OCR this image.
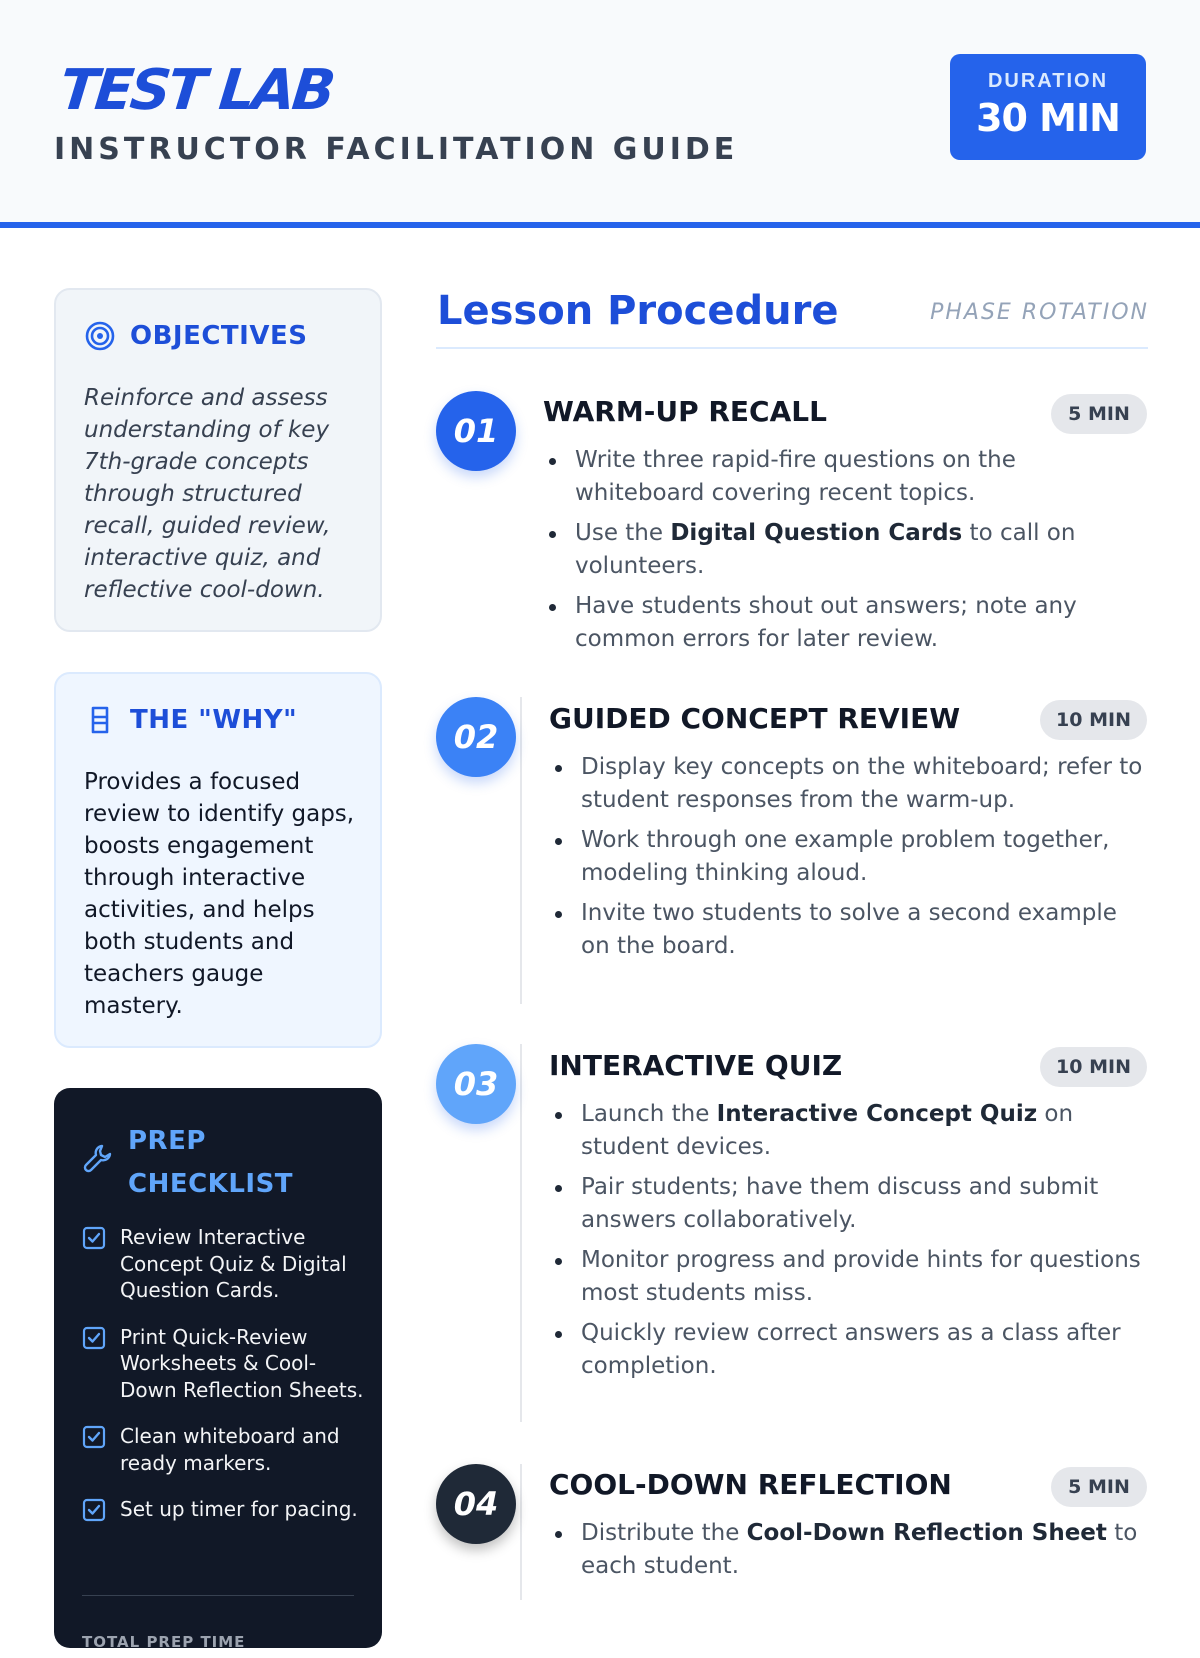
TEST LAB
INSTRUCTOR FACILITATION GUIDE
DURATION
30 MIN
OBJECTIVES

Reinforce and assess understanding of key 7th-grade concepts through structured recall, guided review, interactive quiz, and reflective cool-down.

THE "WHY"

Provides a focused review to identify gaps, boosts engagement through interactive activities, and helps both students and teachers gauge mastery.

PREP CHECKLIST
Review Interactive Concept Quiz & Digital Question Cards.
Print Quick-Review Worksheets & Cool-Down Reflection Sheets.
Clean whiteboard and ready markers.
Set up timer for pacing.
TOTAL PREP TIME
Lesson Procedure	PHASE ROTATION
01
WARM-UP RECALL	5 MIN
Write three rapid-fire questions on the whiteboard covering recent topics.
Use the Digital Question Cards to call on volunteers.
Have students shout out answers; note any common errors for later review.
02	GUIDED CONCEPT REVIEW	10 MIN
Display key concepts on the whiteboard; refer to student responses from the warm-up.
Work through one example problem together, modeling thinking aloud.
Invite two students to solve a second example on the board.
03	INTERACTIVE QUIZ	10 MIN
Launch the Interactive Concept Quiz on student devices.
Pair students; have them discuss and submit answers collaboratively.
Monitor progress and provide hints for questions most students miss.
Quickly review correct answers as a class after completion.
04
COOL-DOWN REFLECTION	5 MIN
Distribute the Cool-Down Reflection Sheet to each student.
